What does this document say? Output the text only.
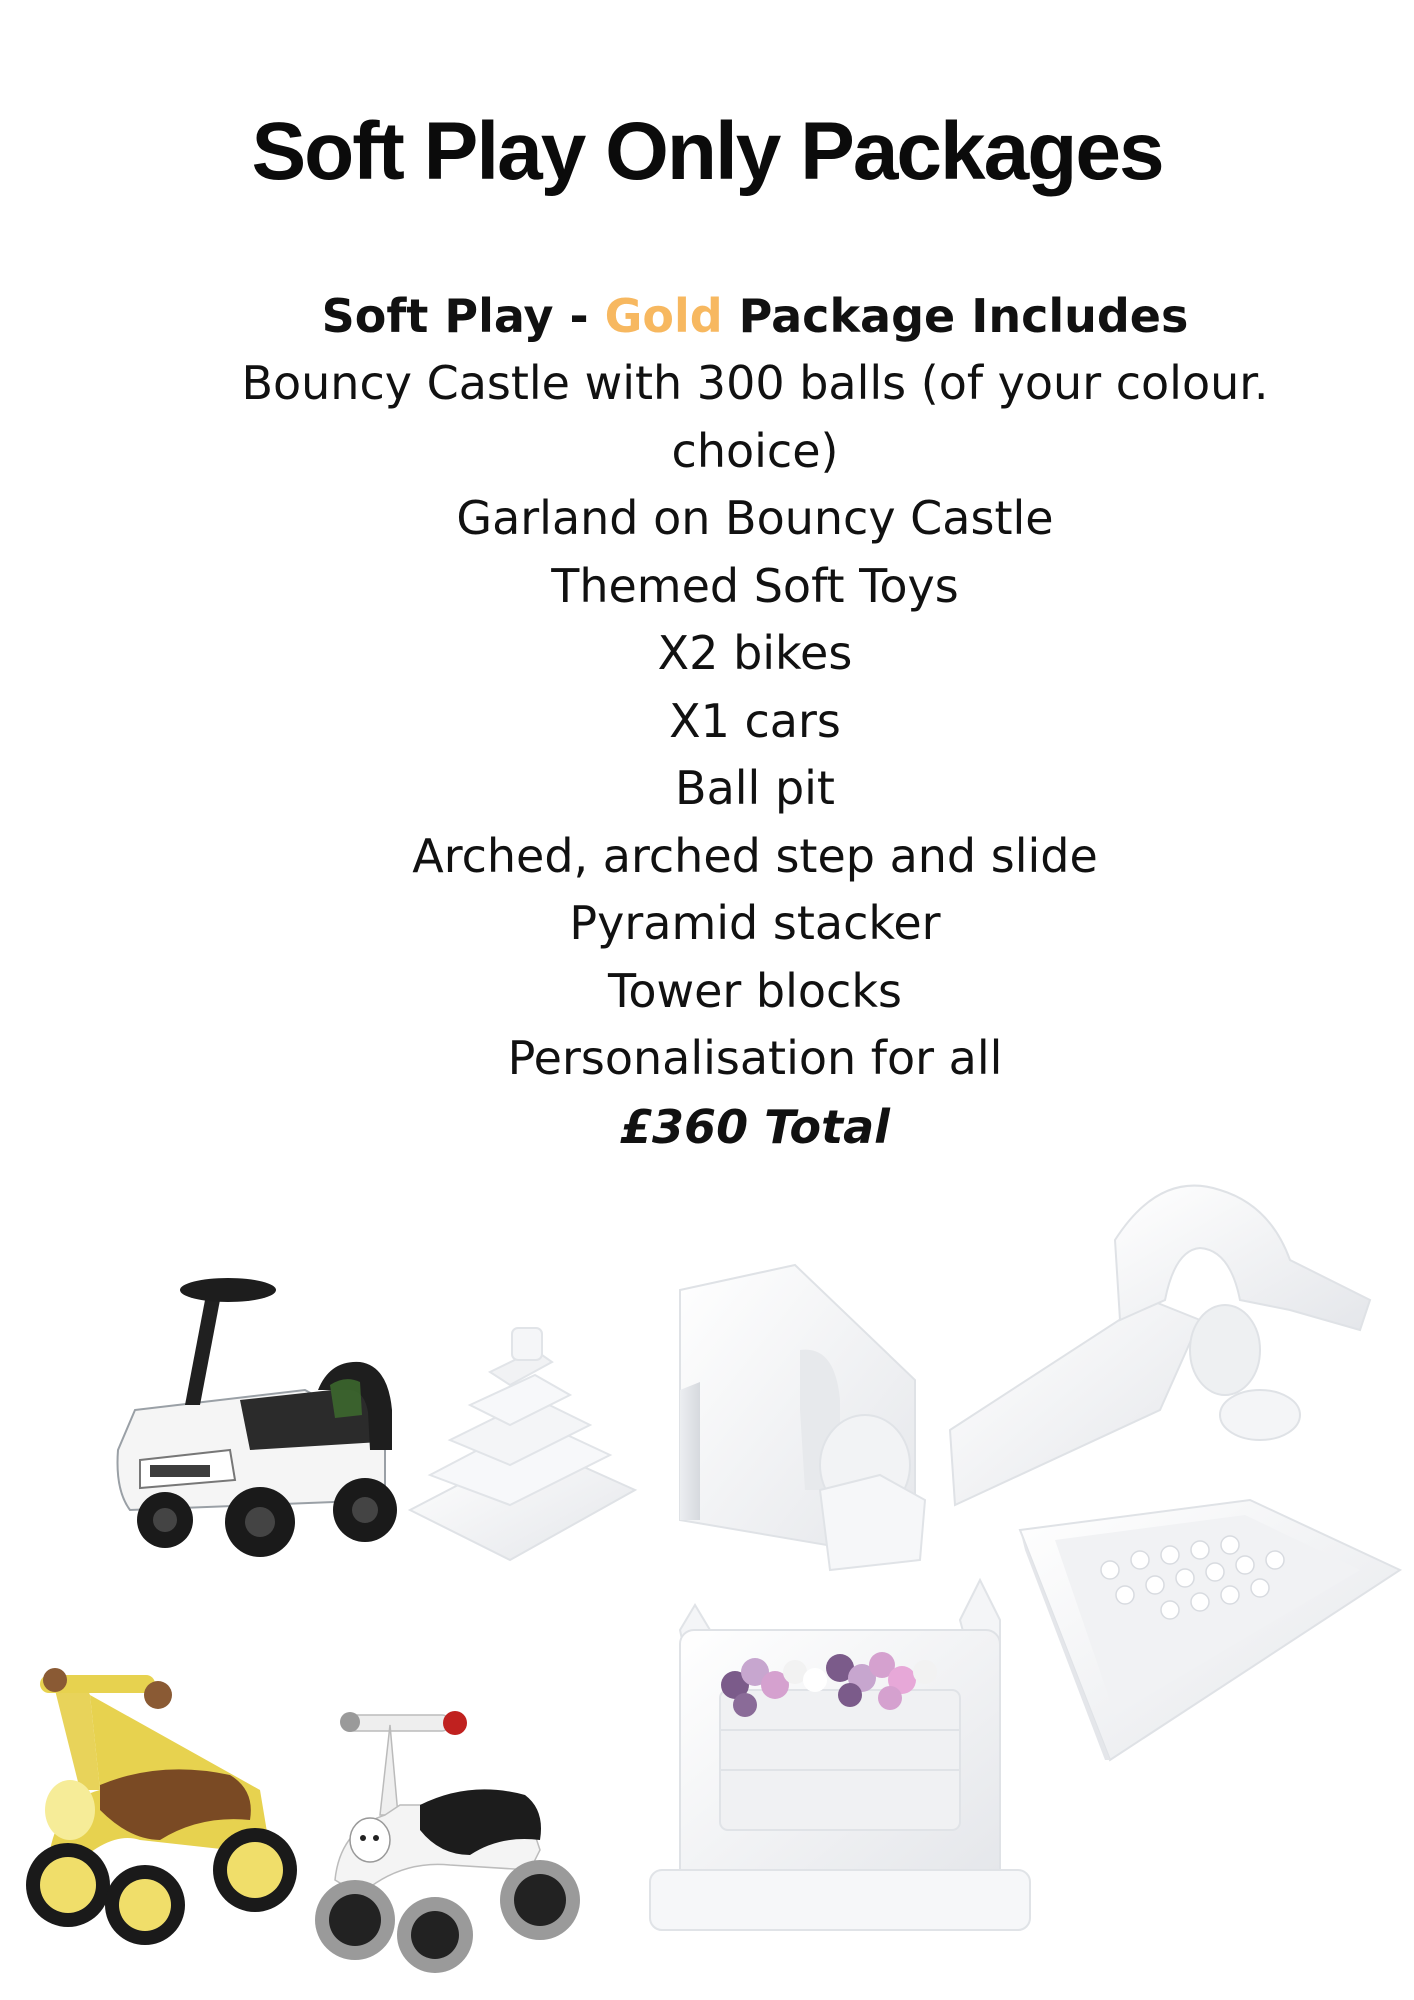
Soft Play Only Packages
Soft Play - Gold Package Includes
Bouncy Castle with 300 balls (of your colour.
choice)
Garland on Bouncy Castle
Themed Soft Toys
X2 bikes
X1 cars
Ball pit
Arched, arched step and slide
Pyramid stacker
Tower blocks
Personalisation for all
£360 Total
